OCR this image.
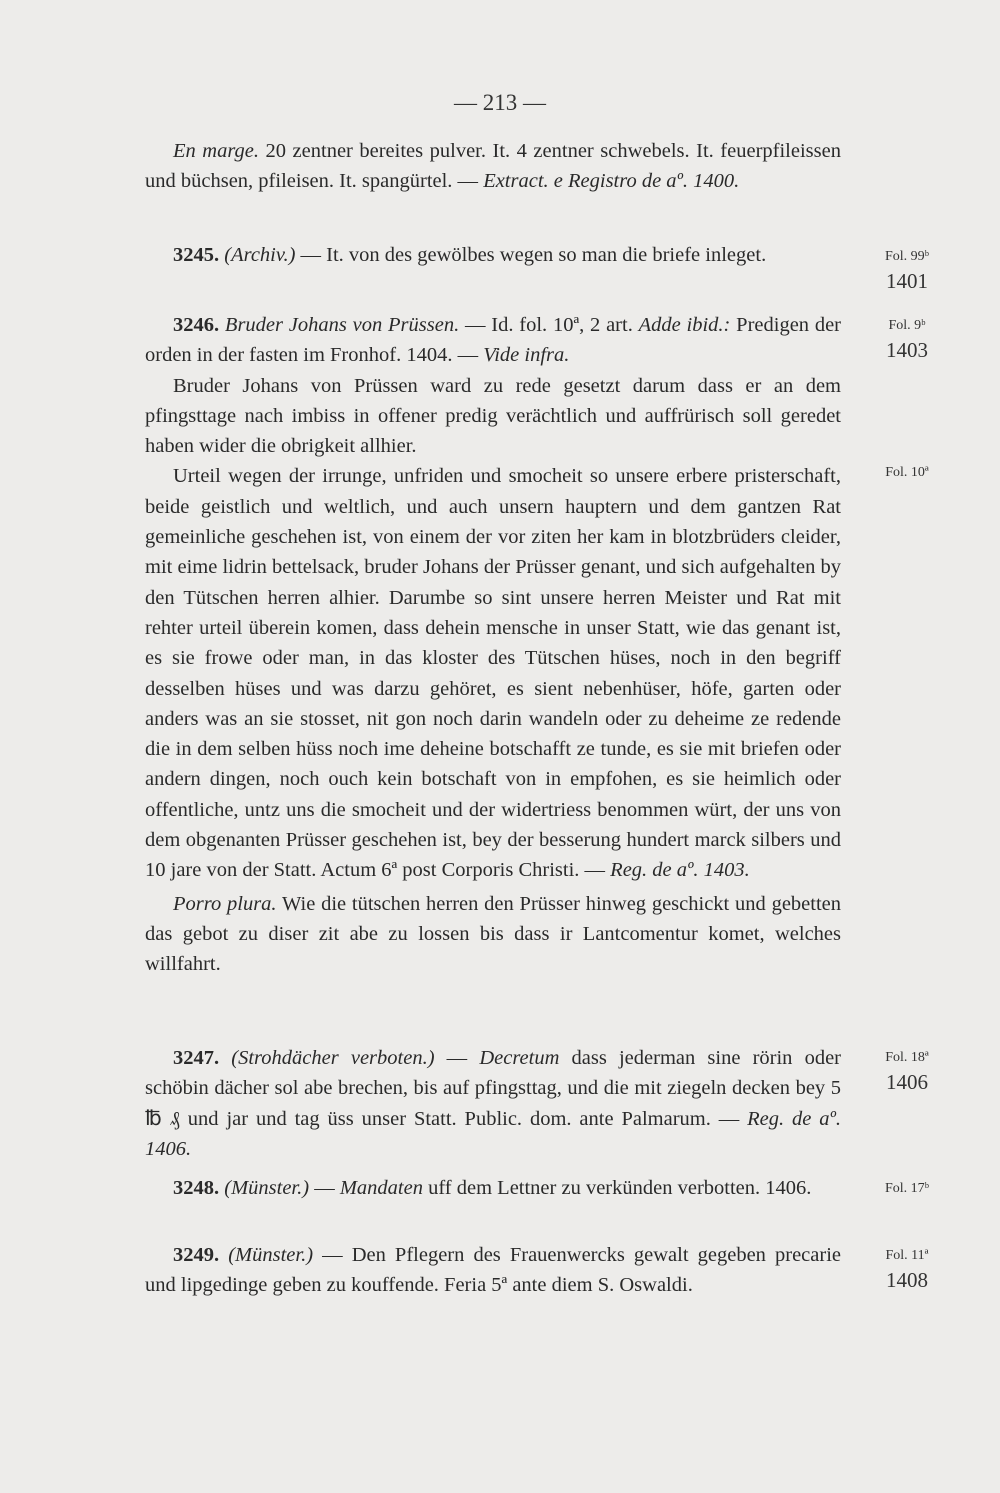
— 213 —

En marge. 20 zentner bereites pulver. It. 4 zentner schwebels. It. feuerpfileissen und büchsen, pfileisen. It. spangürtel. — Extract. e Registro de aº. 1400.

3245. (Archiv.) — It. von des gewölbes wegen so man die briefe inleget.	Fol. 99ᵇ
1401

3246. Bruder Johans von Prüssen. — Id. fol. 10ª, 2 art. Adde ibid.: Predigen der orden in der fasten im Fronhof. 1404. — Vide infra.

Bruder Johans von Prüssen ward zu rede gesetzt darum dass er an dem pfingsttage nach imbiss in offener predig verächtlich und auffrürisch soll geredet haben wider die obrigkeit allhier.

Urteil wegen der irrunge, unfriden und smocheit so unsere erbere pristerschaft, beide geistlich und weltlich, und auch unsern hauptern und dem gantzen Rat gemeinliche geschehen ist, von einem der vor ziten her kam in blotzbrüders cleider, mit eime lidrin bettelsack, bruder Johans der Prüsser genant, und sich aufgehalten by den Tütschen herren alhier. Darumbe so sint unsere herren Meister und Rat mit rehter urteil überein komen, dass dehein mensche in unser Statt, wie das genant ist, es sie frowe oder man, in das kloster des Tütschen hüses, noch in den begriff desselben hüses und was darzu gehöret, es sient nebenhüser, höfe, garten oder anders was an sie stosset, nit gon noch darin wandeln oder zu deheime ze redende die in dem selben hüss noch ime deheine botschafft ze tunde, es sie mit briefen oder andern dingen, noch ouch kein botschaft von in empfohen, es sie heimlich oder offentliche, untz uns die smocheit und der widertriess benommen würt, der uns von dem obgenanten Prüsser geschehen ist, bey der besserung hundert marck silbers und 10 jare von der Statt. Actum 6ª post Corporis Christi. — Reg. de aº. 1403.

Porro plura. Wie die tütschen herren den Prüsser hinweg geschickt und gebetten das gebot zu diser zit abe zu lossen bis dass ir Lantcomentur komet, welches willfahrt.

Fol. 9ᵇ
1403
Fol. 10ª

3247. (Strohdächer verboten.) — Decretum dass jederman sine rörin oder schöbin dächer sol abe brechen, bis auf pfingsttag, und die mit ziegeln decken bey 5 ℔ ₰ und jar und tag üss unser Statt. Public. dom. ante Palmarum. — Reg. de aº. 1406.

Fol. 18ª
1406

3248. (Münster.) — Mandaten uff dem Lettner zu verkünden verbotten. 1406.	Fol. 17ᵇ

3249. (Münster.) — Den Pflegern des Frauenwercks gewalt gegeben precarie und lipgedinge geben zu kouffende. Feria 5ª ante diem S. Oswaldi.

Fol. 11ª
1408
